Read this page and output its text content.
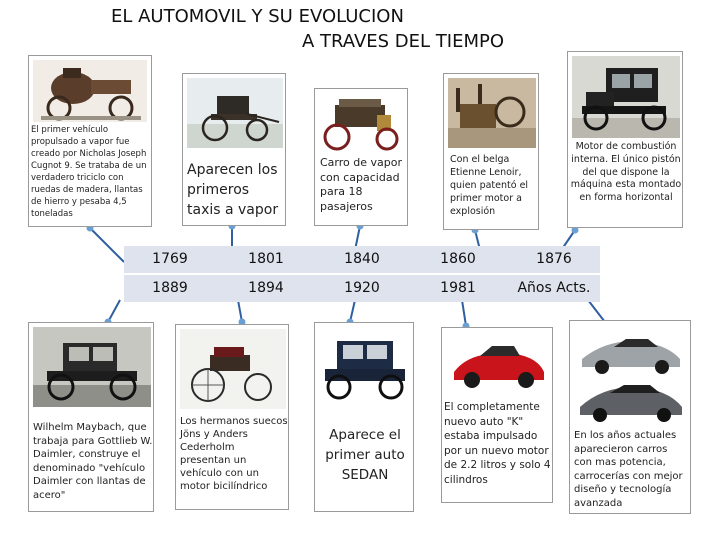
EL AUTOMOVIL Y SU EVOLUCION
A TRAVES DEL TIEMPO
El primer vehículo propulsado a vapor fue creado por Nicholas Joseph Cugnot 9. Se trataba de un verdadero triciclo con ruedas de madera, llantas de hierro y pesaba 4,5 toneladas
Aparecen los primeros taxis a vapor
Carro de vapor con capacidad para 18 pasajeros
Con el belga Etienne Lenoir, quien patentó el primer motor a explosión
Motor de combustión interna. El único pistón del que dispone la máquina esta montado en forma horizontal
1769	1801	1840	1860	1876
1889	1894	1920	1981	Años Acts.
Wilhelm Maybach, que trabaja para Gottlieb W. Daimler, construye el denominado "vehículo Daimler con llantas de acero"
Los hermanos suecos Jöns y Anders Cederholm presentan un vehículo con un motor bicilíndrico
Aparece el primer auto SEDAN
El completamente nuevo auto "K" estaba impulsado por un nuevo motor de 2.2 litros y solo 4 cilindros
En los años actuales aparecieron carros con mas potencia, carrocerías con mejor diseño y tecnología avanzada
